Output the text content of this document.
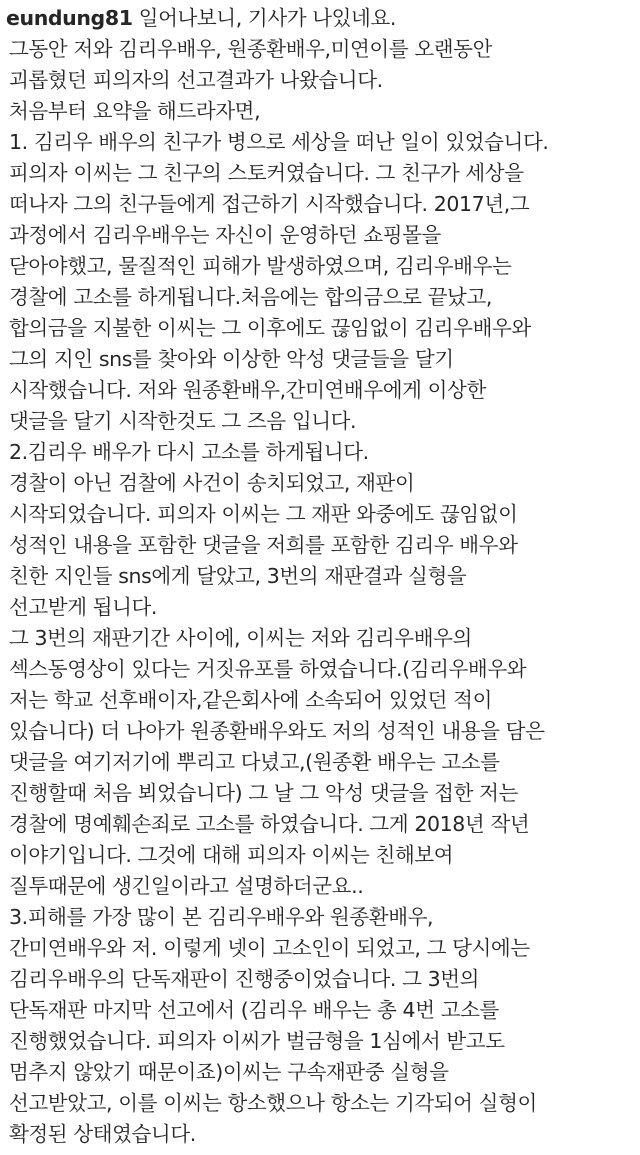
eundung81 일어나보니, 기사가 나있네요.
그동안 저와 김리우배우, 원종환배우,미연이를 오랜동안
괴롭혔던 피의자의 선고결과가 나왔습니다.
처음부터 요약을 해드라자면,
1. 김리우 배우의 친구가 병으로 세상을 떠난 일이 있었습니다.
피의자 이씨는 그 친구의 스토커였습니다. 그 친구가 세상을
떠나자 그의 친구들에게 접근하기 시작했습니다. 2017년,그
과정에서 김리우배우는 자신이 운영하던 쇼핑몰을
닫아야했고, 물질적인 피해가 발생하였으며, 김리우배우는
경찰에 고소를 하게됩니다.처음에는 합의금으로 끝났고,
합의금을 지불한 이씨는 그 이후에도 끊임없이 김리우배우와
그의 지인 sns를 찾아와 이상한 악성 댓글들을 달기
시작했습니다. 저와 원종환배우,간미연배우에게 이상한
댓글을 달기 시작한것도 그 즈음 입니다.
2.김리우 배우가 다시 고소를 하게됩니다.
경찰이 아닌 검찰에 사건이 송치되었고, 재판이
시작되었습니다. 피의자 이씨는 그 재판 와중에도 끊임없이
성적인 내용을 포함한 댓글을 저희를 포함한 김리우 배우와
친한 지인들 sns에게 달았고, 3번의 재판결과 실형을
선고받게 됩니다.
그 3번의 재판기간 사이에, 이씨는 저와 김리우배우의
섹스동영상이 있다는 거짓유포를 하였습니다.(김리우배우와
저는 학교 선후배이자,같은회사에 소속되어 있었던 적이
있습니다) 더 나아가 원종환배우와도 저의 성적인 내용을 담은
댓글을 여기저기에 뿌리고 다녔고,(원종환 배우는 고소를
진행할때 처음 뵈었습니다) 그 날 그 악성 댓글을 접한 저는
경찰에 명예훼손죄로 고소를 하였습니다. 그게 2018년 작년
이야기입니다. 그것에 대해 피의자 이씨는 친해보여
질투때문에 생긴일이라고 설명하더군요..
3.피해를 가장 많이 본 김리우배우와 원종환배우,
간미연배우와 저. 이렇게 넷이 고소인이 되었고, 그 당시에는
김리우배우의 단독재판이 진행중이었습니다. 그 3번의
단독재판 마지막 선고에서 (김리우 배우는 총 4번 고소를
진행했었습니다. 피의자 이씨가 벌금형을 1심에서 받고도
멈추지 않았기 때문이죠)이씨는 구속재판중 실형을
선고받았고, 이를 이씨는 항소했으나 항소는 기각되어 실형이
확정된 상태였습니다.
